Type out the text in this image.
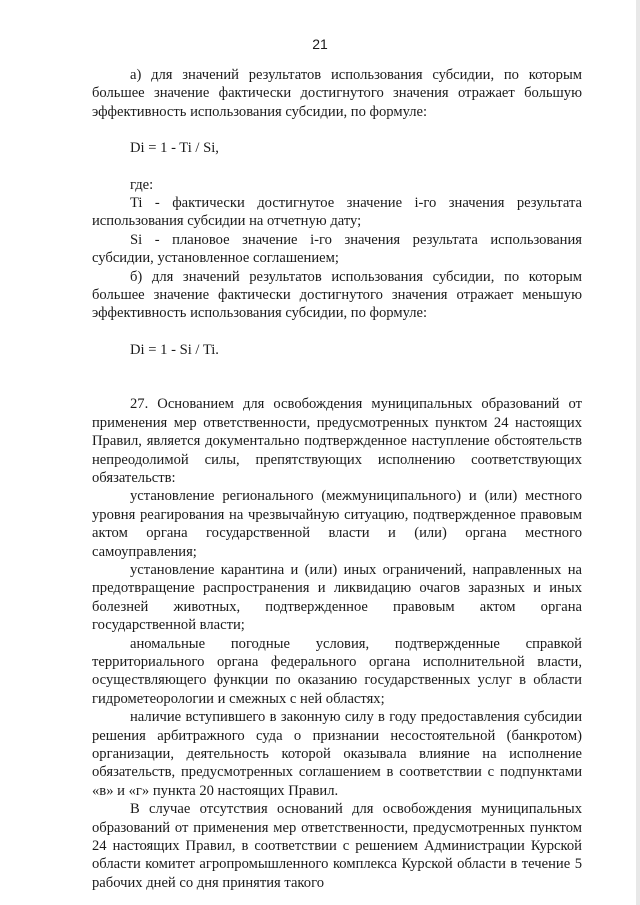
21

а) для значений результатов использования субсидии, по которым большее значение фактически достигнутого значения отражает большую эффективность использования субсидии, по формуле:

Di = 1 - Ti / Si,

где:

Ti - фактически достигнутое значение i-го значения результата использования субсидии на отчетную дату;

Si - плановое значение i-го значения результата использования субсидии, установленное соглашением;

б) для значений результатов использования субсидии, по которым большее значение фактически достигнутого значения отражает меньшую эффективность использования субсидии, по формуле:

Di = 1 - Si / Ti.

27. Основанием для освобождения муниципальных образований от применения мер ответственности, предусмотренных пунктом 24 настоящих Правил, является документально подтвержденное наступление обстоятельств непреодолимой силы, препятствующих исполнению соответствующих обязательств:

установление регионального (межмуниципального) и (или) местного уровня реагирования на чрезвычайную ситуацию, подтвержденное правовым актом органа государственной власти и (или) органа местного самоуправления;

установление карантина и (или) иных ограничений, направленных на предотвращение распространения и ликвидацию очагов заразных и иных болезней животных, подтвержденное правовым актом органа государственной власти;

аномальные погодные условия, подтвержденные справкой территориального органа федерального органа исполнительной власти, осуществляющего функции по оказанию государственных услуг в области гидрометеорологии и смежных с ней областях;

наличие вступившего в законную силу в году предоставления субсидии решения арбитражного суда о признании несостоятельной (банкротом) организации, деятельность которой оказывала влияние на исполнение обязательств, предусмотренных соглашением в соответствии с подпунктами «в» и «г» пункта 20 настоящих Правил.

В случае отсутствия оснований для освобождения муниципальных образований от применения мер ответственности, предусмотренных пунктом 24 настоящих Правил, в соответствии с решением Администрации Курской области комитет агропромышленного комплекса Курской области в течение 5 рабочих дней со дня принятия такого
